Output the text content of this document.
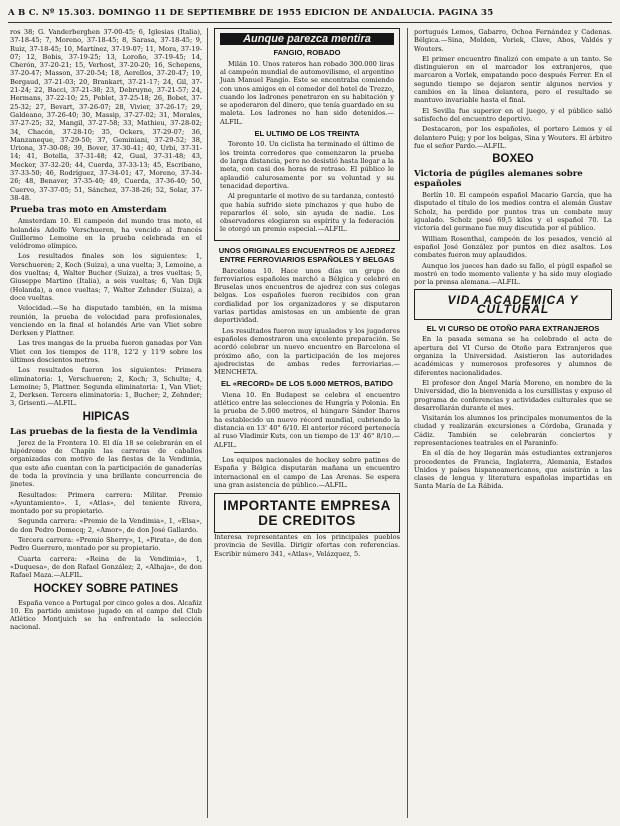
A B C. Nº 15.303. DOMINGO 11 DE SEPTIEMBRE DE 1955 EDICION DE ANDALUCIA. PAGINA 35

ros 38; G. Vanderberghen 37-00-45; 6, Iglesias (Italia), 37-18-45; 7, Moreno, 37-18-45; 8, Sarasa, 37-18-45; 9, Ruiz, 37-18-45; 10, Martínez, 37-19-07; 11, Mora, 37-19-07; 12, Bobis, 37-19-25; 13, Loroño, 37-19-45; 14, Cherón, 37-20-21; 15, Verhost, 37-20-20; 16, Schepens, 37-20-47; Masson, 37-20-54; 18, Aerellos, 37-20-47; 19, Bergaud, 37-21-03; 20, Brankart, 37-21-17; 24, Gil, 37-21-24; 22, Bacci, 37-21-38; 23, Debruyne, 37-21-57; 24, Hermans, 37-22-10; 25, Poblet, 37-25-18; 26, Bobet, 37-25-32; 27, Bevart, 37-26-07; 28, Vivier, 37-26-17; 29, Galdeano, 37-26-40; 30, Massip, 37-27-02; 31, Morales, 37-27-25; 32, Mangil, 37-27-58; 33, Mathieu, 37-28-02; 34, Chacón, 37-28-10; 35, Ockers, 37-29-07; 36, Manzaneque, 37-29-50; 37, Geminiani, 37-29-52; 38, Uriona, 37-30-08; 39, Bover, 37-30-41; 40, Urbi, 37-31-14; 41, Botella, 37-31-48; 42, Gual, 37-31-48; 43, Mecker, 37-32-20; 44, Cuerda, 37-33-13; 45, Escribano, 37-33-50; 46, Rodríguez, 37-34-01; 47, Moreno, 37-34-26; 48, Benaver, 37-35-40; 49, Cuerda, 37-36-40; 50, Cuervo, 37-37-05; 51, Sánchez, 37-38-26; 52, Solar, 37-38-48.

Prueba tras moto en Amsterdam

Amsterdam 10. El campeón del mundo tras moto, el holandés Adolfo Verschueren, ha vencido al francés Guillermo Lemoine en la prueba celebrada en el velódromo olímpico.

Los resultados finales son los siguientes: 1, Verschueren; 2, Koch (Suiza), a una vuelta; 3, Lemoine, a dos vueltas; 4, Walter Bucher (Suiza), a tres vueltas; 5, Giuseppe Martino (Italia), a seis vueltas; 6, Van Dijk (Holanda), a once vueltas; 7, Walter Zehnder (Suiza), a doce vueltas.

Velocidad.—Se ha disputado también, en la misma reunión, la prueba de velocidad para profesionales, venciendo en la final el holandés Arie van Vliet sobre Derksen y Plattner.

Las tres mangas de la prueba fueron ganadas por Van Vliet con los tiempos de 11'8, 12'2 y 11'9 sobre los últimos doscientos metros.

Los resultados fueron los siguientes: Primera eliminatoria: 1, Verschueren; 2, Koch; 3, Schulte; 4, Lemoine; 5, Plattner. Segunda eliminatoria: 1, Van Vliet; 2, Derksen. Tercera eliminatoria: 1, Bucher; 2, Zehnder; 3, Grisenti.—ALFIL.

HIPICAS
Las pruebas de la fiesta de la Vendimia

Jerez de la Frontera 10. El día 18 se celebrarán en el hipódromo de Chapín las carreras de caballos organizadas con motivo de las fiestas de la Vendimia, que este año cuentan con la participación de ganaderías de toda la provincia y una brillante concurrencia de jinetes.

Resultados: Primera carrera: Militar. Premio «Ayuntamiento». 1, «Atlas», del teniente Rivera, montado por su propietario.

Segunda carrera: «Premio de la Vendimia», 1, «Elsa», de don Pedro Domecq; 2, «Amor», de don José Gallardo.

Tercera carrera: «Premio Sherry», 1, «Pirata», de don Pedro Guerrero, montado por su propietario.

Cuarta carrera: «Reina de la Vendimia», 1, «Duquesa», de don Rafael González; 2, «Alhaja», de don Rafael Maza.—ALFIL.

HOCKEY SOBRE PATINES

España vence a Portugal por cinco goles a dos. Alcañiz 10. En partido amistoso jugado en el campo del Club Atlético Montjuich se ha enfrentado la selección nacional.

Aunque parezca mentira
FANGIO, ROBADO

Milán 10. Unos rateros han robado 300.000 liras al campeón mundial de automovilismo, el argentino Juan Manuel Fangio. Este se encontraba comiendo con unos amigos en el comedor del hotel de Trezzo, cuando los ladrones penetraron en su habitación y se apoderaron del dinero, que tenía guardado en su maleta. Los ladrones no han sido detenidos.—ALFIL.

EL ULTIMO DE LOS TREINTA

Toronto 10. Un ciclista ha terminado el último de los treinta corredores que comenzaron la prueba de larga distancia, pero no desistió hasta llegar a la meta, con casi dos horas de retraso. El público le aplaudió calurosamente por su voluntad y su tenacidad deportiva.

Al preguntarle el motivo de su tardanza, contestó que había sufrido siete pinchazos y que hubo de repararlos él solo, sin ayuda de nadie. Los observadores elogiaron su espíritu y la federación le otorgó un premio especial.—ALFIL.

UNOS ORIGINALES ENCUENTROS DE AJEDREZ ENTRE FERROVIARIOS ESPAÑOLES Y BELGAS

Barcelona 10. Hace unos días un grupo de ferroviarios españoles marchó a Bélgica y celebró en Bruselas unos encuentros de ajedrez con sus colegas belgas. Los españoles fueron recibidos con gran cordialidad por los organizadores y se disputaron varias partidas amistosas en un ambiente de gran deportividad.

Los resultados fueron muy igualados y los jugadores españoles demostraron una excelente preparación. Se acordó celebrar un nuevo encuentro en Barcelona el próximo año, con la participación de los mejores ajedrecistas de ambas redes ferroviarias.—MENCHETA.

EL «RECORD» DE LOS 5.000 METROS, BATIDO

Viena 10. En Budapest se celebra el encuentro atlético entre las selecciones de Hungría y Polonia. En la prueba de 5.000 metros, el húngaro Sándor Iharos ha establecido un nuevo récord mundial, cubriendo la distancia en 13' 40" 6/10. El anterior récord pertenecía al ruso Vladimir Kuts, con un tiempo de 13' 46" 8/10.—ALFIL.

Los equipos nacionales de hockey sobre patines de España y Bélgica disputarán mañana un encuentro internacional en el campo de Las Arenas. Se espera una gran asistencia de público.—ALFIL.

IMPORTANTE EMPRESA DE CREDITOS

Interesa representantes en los principales pueblos provincia de Sevilla. Dirigir ofertas con referencias. Escribir número 341, «Atlas», Velázquez, 5.

portugués Lemos, Gabarro, Ochoa Fernández y Cadenas. Bélgica.—Sina, Molden, Voriek, Clave, Abos, Valdés y Wouters.

El primer encuentro finalizó con empate a un tanto. Se distinguieron en el marcador los extranjeros, que marcaron a Vorlek, empatando poco después Ferrer. En el segundo tiempo se dejaron sentir algunos nervios y cambios en la línea delantera, pero el resultado se mantuvo invariable hasta el final.

El Sevilla fue superior en el juego, y el público salió satisfecho del encuentro deportivo.

Destacaron, por los españoles, el portero Lemos y el delantero Puig; y por los belgas, Sina y Wouters. El árbitro fue el señor Pardo.—ALFIL.

BOXEO
Victoria de púgiles alemanes sobre españoles

Berlín 10. El campeón español Macario García, que ha disputado el título de los medios contra el alemán Gustav Scholz, ha perdido por puntos tras un combate muy igualado. Scholz pesó 69,5 kilos y el español 70. La victoria del germano fue muy discutida por el público.

William Rosenthal, campeón de los pesados, venció al español José González por puntos en diez asaltos. Los combates fueron muy aplaudidos.

Aunque los jueces han dado su fallo, el púgil español se mostró en todo momento valiente y ha sido muy elogiado por la prensa alemana.—ALFIL.

VIDA ACADEMICA Y CULTURAL
EL VI CURSO DE OTOÑO PARA EXTRANJEROS

En la pasada semana se ha celebrado el acto de apertura del VI Curso de Otoño para Extranjeros que organiza la Universidad. Asistieron las autoridades académicas y numerosos profesores y alumnos de diferentes nacionalidades.

El profesor don Ángel María Moreno, en nombre de la Universidad, dio la bienvenida a los cursillistas y expuso el programa de conferencias y actividades culturales que se desarrollarán durante el mes.

Visitarán los alumnos los principales monumentos de la ciudad y realizarán excursiones a Córdoba, Granada y Cádiz. También se celebrarán conciertos y representaciones teatrales en el Paraninfo.

En el día de hoy llegarán más estudiantes extranjeros procedentes de Francia, Inglaterra, Alemania, Estados Unidos y países hispanoamericanos, que asistirán a las clases de lengua y literatura españolas impartidas en Santa María de La Rábida.
